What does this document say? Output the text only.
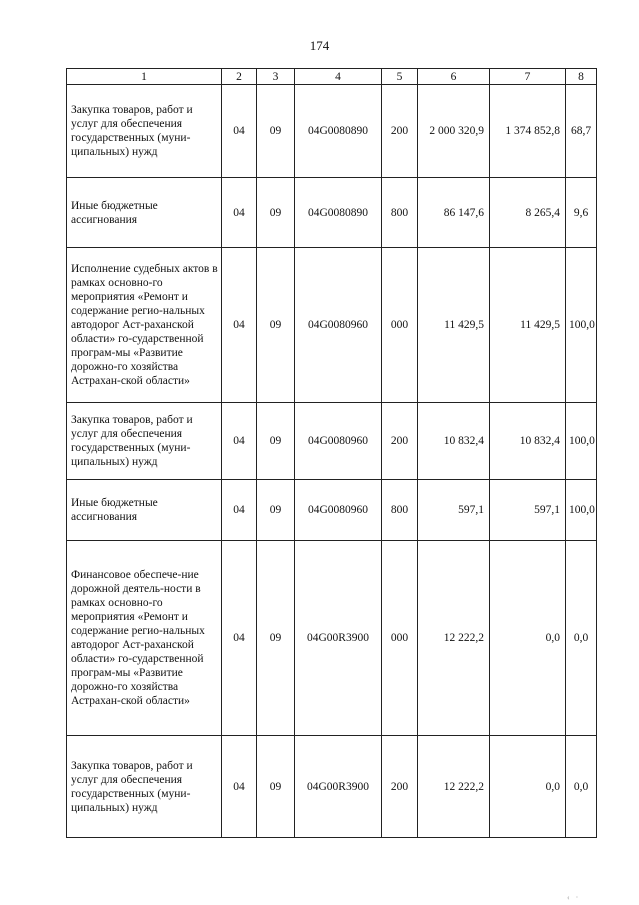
174
1	2	3	4	5	6	7	8
Закупка товаров, работ и услуг для обеспечения государственных (муни-ципальных) нужд	04	09	04G0080890	200	2 000 320,9	1 374 852,8	68,7
Иные бюджетные ассигнования	04	09	04G0080890	800	86 147,6	8 265,4	9,6
Исполнение судебных актов в рамках основно-го мероприятия «Ремонт и содержание регио-нальных автодорог Аст-раханской области» го-сударственной програм-мы «Развитие дорожно-го хозяйства Астрахан-ской области»	04	09	04G0080960	000	11 429,5	11 429,5	100,0
Закупка товаров, работ и услуг для обеспечения государственных (муни-ципальных) нужд	04	09	04G0080960	200	10 832,4	10 832,4	100,0
Иные бюджетные ассигнования	04	09	04G0080960	800	597,1	597,1	100,0
Финансовое обеспече-ние дорожной деятель-ности в рамках основно-го мероприятия «Ремонт и содержание регио-нальных автодорог Аст-раханской области» го-сударственной програм-мы «Развитие дорожно-го хозяйства Астрахан-ской области»	04	09	04G00R3900	000	12 222,2	0,0	0,0
Закупка товаров, работ и услуг для обеспечения государственных (муни-ципальных) нужд	04	09	04G00R3900	200	12 222,2	0,0	0,0
‹ ·
